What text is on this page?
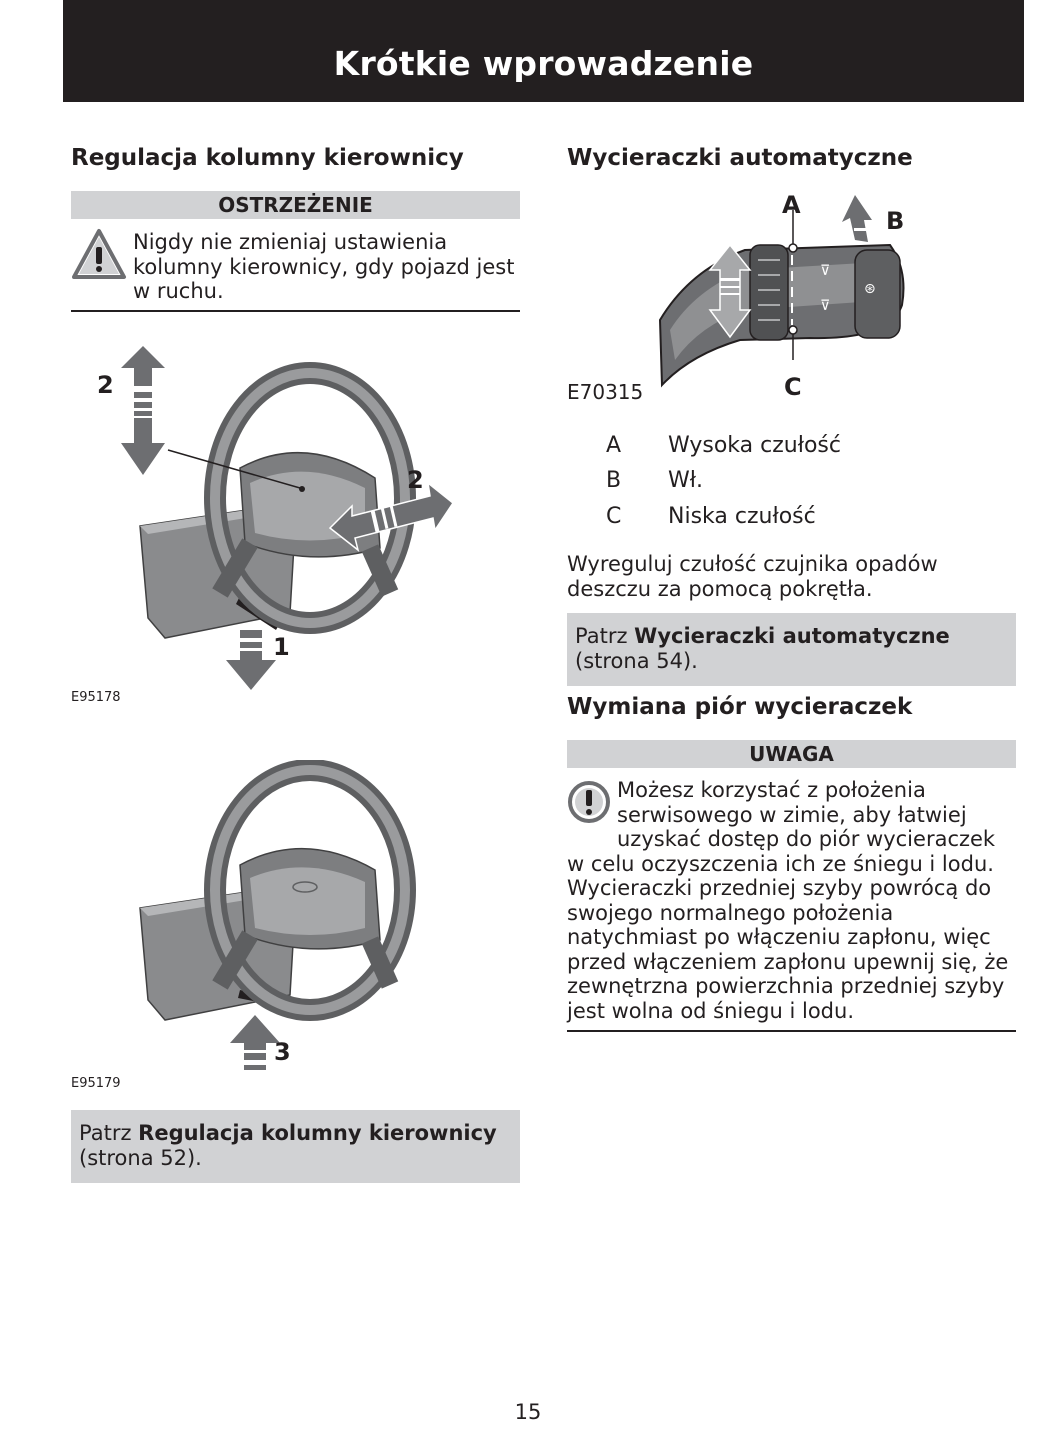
Krótkie wprowadzenie
Regulacja kolumny kierownicy
OSTRZEŻENIE

Nigdy nie zmieniaj ustawienia kolumny kierownicy, gdy pojazd jest w ruchu.

2
2
1
E95178
3
E95179

Patrz Regulacja kolumny kierownicy
(strona 52).

Wycieraczki automatyczne
⊽
⊽
⊛
A
B
C
E70315
A Wysoka czułość
B Wł.
C Niska czułość

Wyreguluj czułość czujnika opadów deszczu za pomocą pokrętła.

Patrz Wycieraczki automatyczne
(strona 54).

Wymiana piór wycieraczek
UWAGA
Możesz korzystać z położenia
serwisowego w zimie, aby łatwiej
uzyskać dostęp do piór wycieraczek
w celu oczyszczenia ich ze śniegu i lodu.
Wycieraczki przedniej szyby powrócą do
swojego normalnego położenia
natychmiast po włączeniu zapłonu, więc
przed włączeniem zapłonu upewnij się, że
zewnętrzna powierzchnia przedniej szyby
jest wolna od śniegu i lodu.
15
